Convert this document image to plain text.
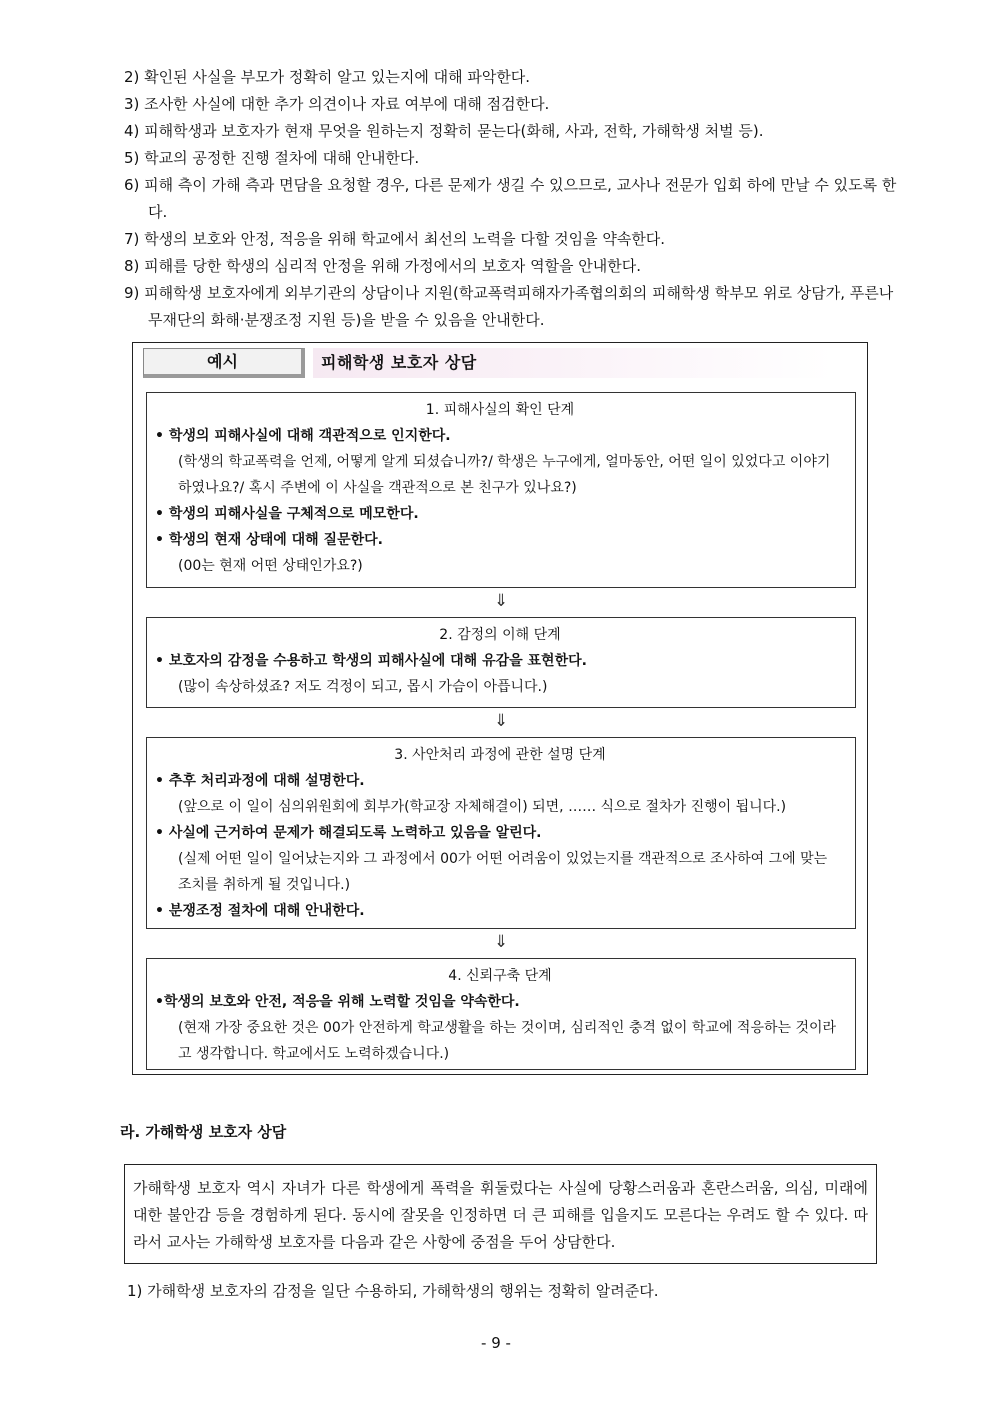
2) 확인된 사실을 부모가 정확히 알고 있는지에 대해 파악한다.
3) 조사한 사실에 대한 추가 의견이나 자료 여부에 대해 점검한다.
4) 피해학생과 보호자가 현재 무엇을 원하는지 정확히 묻는다(화해, 사과, 전학, 가해학생 처벌 등).
5) 학교의 공정한 진행 절차에 대해 안내한다.
6) 피해 측이 가해 측과 면담을 요청할 경우, 다른 문제가 생길 수 있으므로, 교사나 전문가 입회 하에 만날 수 있도록 한다.
7) 학생의 보호와 안정, 적응을 위해 학교에서 최선의 노력을 다할 것임을 약속한다.
8) 피해를 당한 학생의 심리적 안정을 위해 가정에서의 보호자 역할을 안내한다.
9) 피해학생 보호자에게 외부기관의 상담이나 지원(학교폭력피해자가족협의회의 피해학생 학부모 위로 상담가, 푸른나무재단의 화해·분쟁조정 지원 등)을 받을 수 있음을 안내한다.
예시	피해학생 보호자 상담
1. 피해사실의 확인 단계
• 학생의 피해사실에 대해 객관적으로 인지한다.
(학생의 학교폭력을 언제, 어떻게 알게 되셨습니까?/ 학생은 누구에게, 얼마동안, 어떤 일이 있었다고 이야기 하였나요?/ 혹시 주변에 이 사실을 객관적으로 본 친구가 있나요?)
• 학생의 피해사실을 구체적으로 메모한다.
• 학생의 현재 상태에 대해 질문한다.
(00는 현재 어떤 상태인가요?)
⇓
2. 감정의 이해 단계
• 보호자의 감정을 수용하고 학생의 피해사실에 대해 유감을 표현한다.
(많이 속상하셨죠? 저도 걱정이 되고, 몹시 가슴이 아픕니다.)
⇓
3. 사안처리 과정에 관한 설명 단계
• 추후 처리과정에 대해 설명한다.
(앞으로 이 일이 심의위원회에 회부가(학교장 자체해결이) 되면, …… 식으로 절차가 진행이 됩니다.)
• 사실에 근거하여 문제가 해결되도록 노력하고 있음을 알린다.
(실제 어떤 일이 일어났는지와 그 과정에서 00가 어떤 어려움이 있었는지를 객관적으로 조사하여 그에 맞는 조치를 취하게 될 것입니다.)
• 분쟁조정 절차에 대해 안내한다.
⇓
4. 신뢰구축 단계
•학생의 보호와 안전, 적응을 위해 노력할 것임을 약속한다.
(현재 가장 중요한 것은 00가 안전하게 학교생활을 하는 것이며, 심리적인 충격 없이 학교에 적응하는 것이라고 생각합니다. 학교에서도 노력하겠습니다.)
라. 가해학생 보호자 상담
가해학생 보호자 역시 자녀가 다른 학생에게 폭력을 휘둘렀다는 사실에 당황스러움과 혼란스러움, 의심, 미래에 대한 불안감 등을 경험하게 된다. 동시에 잘못을 인정하면 더 큰 피해를 입을지도 모른다는 우려도 할 수 있다. 따라서 교사는 가해학생 보호자를 다음과 같은 사항에 중점을 두어 상담한다.
1) 가해학생 보호자의 감정을 일단 수용하되, 가해학생의 행위는 정확히 알려준다.
- 9 -
